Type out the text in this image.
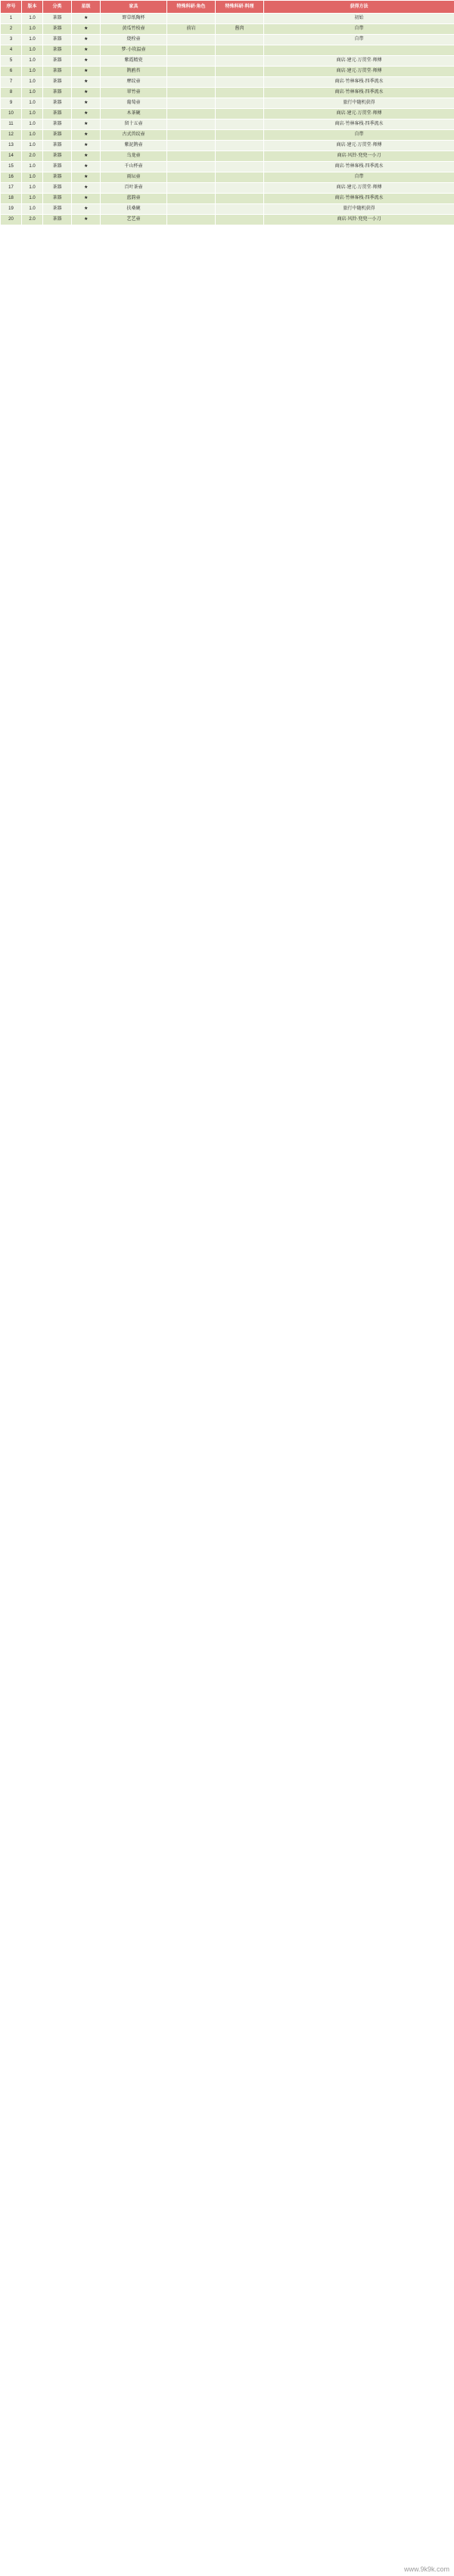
序号	版本	分类	星级	家具	特殊科研·角色	特殊科研·料理	获得方法
1	1.0	茶器	★	野草纸陶杯			初始
2	1.0	茶器	★	黄瓜竹枝壶	前岩	酱肉	自带
3	1.0	茶器	★	烧栓壶			自带
4	1.0	茶器	★	梦·小坎温壶			
5	1.0	茶器	★	紫霞精瓷			商店·建元·万贯堂·师傅
6	1.0	茶器	★	鹊鸥苔			商店·建元·万贯堂·师傅
7	1.0	茶器	★	摩纹壶			商店·竹林客栈·四季流水
8	1.0	茶器	★	翠竹壶			商店·竹林客栈·四季流水
9	1.0	茶器	★	葡萄壶			旅行中随机获得
10	1.0	茶器	★	木茶碗			商店·建元·万贯堂·师傅
11	1.0	茶器	★	留十五壶			商店·竹林客栈·四季流水
12	1.0	茶器	★	古式兽纹壶			自带
13	1.0	茶器	★	紫泥鹊壶			商店·建元·万贯堂·师傅
14	2.0	茶器	★	乌龙壶			商店·风铃·兜兜一小刀
15	1.0	茶器	★	千山杯壶			商店·竹林客栈·四季流水
16	1.0	茶器	★	雨坛壶			自带
17	1.0	茶器	★	百叶茶壶			商店·建元·万贯堂·师傅
18	1.0	茶器	★	蓝韵壶			商店·竹林客栈·四季流水
19	1.0	茶器	★	扶桑碗			旅行中随机获得
20	2.0	茶器	★	艺艺壶			商店·风铃·兜兜一小刀
www.9k9k.com
